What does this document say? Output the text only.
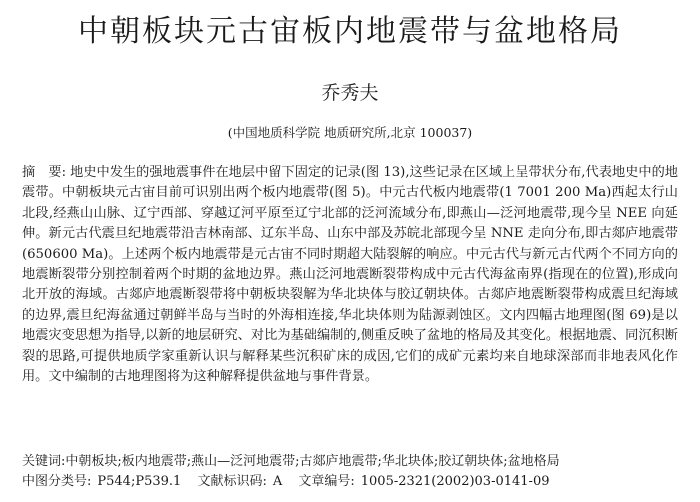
中朝板块元古宙板内地震带与盆地格局
乔秀夫
(中国地质科学院 地质研究所,北京 100037)
摘　要: 地史中发生的强地震事件在地层中留下固定的记录(图 13),这些记录在区域上呈带状分布,代表地史中的地震带。中朝板块元古宙目前可识别出两个板内地震带(图 5)。中元古代板内地震带(1 7001 200 Ma)西起太行山北段,经燕山山脉、辽宁西部、穿越辽河平原至辽宁北部的泛河流域分布,即燕山—泛河地震带,现今呈 NEE 向延伸。新元古代震旦纪地震带沿吉林南部、辽东半岛、山东中部及苏皖北部现今呈 NNE 走向分布,即古郯庐地震带(650600 Ma)。上述两个板内地震带是元古宙不同时期超大陆裂解的响应。中元古代与新元古代两个不同方向的地震断裂带分别控制着两个时期的盆地边界。燕山泛河地震断裂带构成中元古代海盆南界(指现在的位置),形成向北开放的海域。古郯庐地震断裂带将中朝板块裂解为华北块体与胶辽朝块体。古郯庐地震断裂带构成震旦纪海域的边界,震旦纪海盆通过朝鲜半岛与当时的外海相连接,华北块体则为陆源剥蚀区。文内四幅古地理图(图 69)是以地震灾变思想为指导,以新的地层研究、对比为基础编制的,侧重反映了盆地的格局及其变化。根据地震、同沉积断裂的思路,可提供地质学家重新认识与解释某些沉积矿床的成因,它们的成矿元素均来自地球深部而非地表风化作用。文中编制的古地理图将为这种解释提供盆地与事件背景。
关键词:中朝板块;板内地震带;燕山—泛河地震带;古郯庐地震带;华北块体;胶辽朝块体;盆地格局
中图分类号: P544;P539.1 文献标识码: A 文章编号: 1005-2321(2002)03-0141-09
